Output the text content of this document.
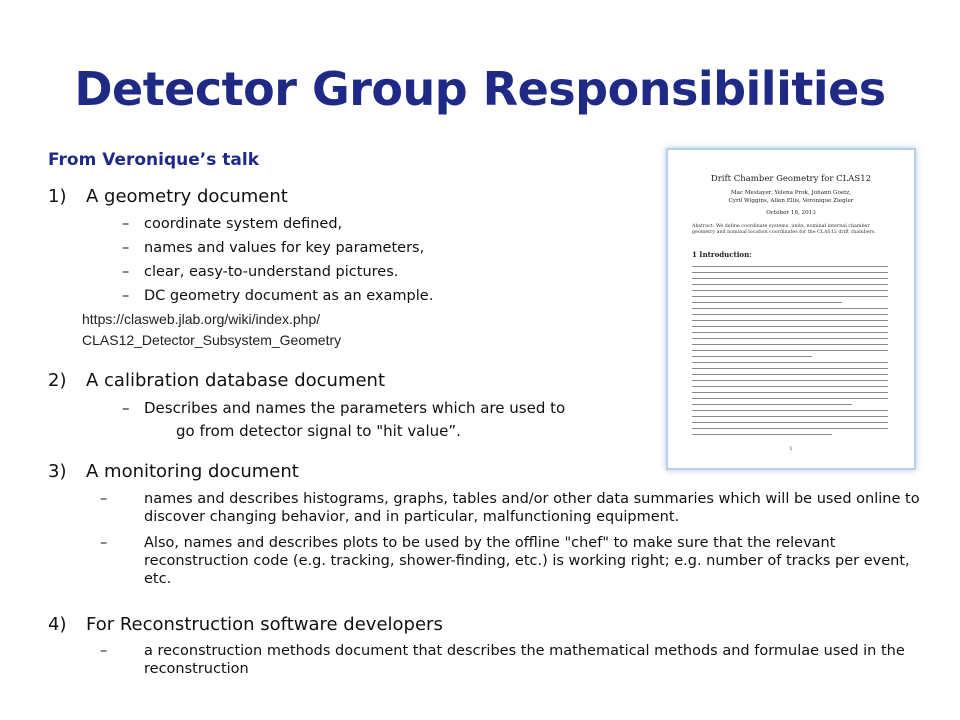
Detector Group Responsibilities
From Veronique’s talk
1) A geometry document
– coordinate system defined,
– names and values for key parameters,
– clear, easy-to-understand pictures.
– DC geometry document as an example.
https://clasweb.jlab.org/wiki/index.php/
CLAS12_Detector_Subsystem_Geometry
2) A calibration database document
– Describes and names the parameters which are used to
go from detector signal to "hit value”.
3) A monitoring document
–	names and describes histograms, graphs, tables and/or other data summaries which will be used online to discover changing behavior, and in particular, malfunctioning equipment.
–	Also, names and describes plots to be used by the offline "chef" to make sure that the relevant reconstruction code (e.g. tracking, shower-finding, etc.) is working right; e.g. number of tracks per event, etc.
4) For Reconstruction software developers
–	a reconstruction methods document that describes the mathematical methods and formulae used in the reconstruction
Drift Chamber Geometry for CLAS12
Mac Mestayer, Yelena Prok, Johann Goetz,
Cyril Wiggins, Allen Ellis, Veronique Ziegler
October 16, 2013
Abstract: We define coordinate systems, units, nominal internal chamber geometry and nominal location coordinates for the CLAS12 drift chambers.
1 Introduction:
1
